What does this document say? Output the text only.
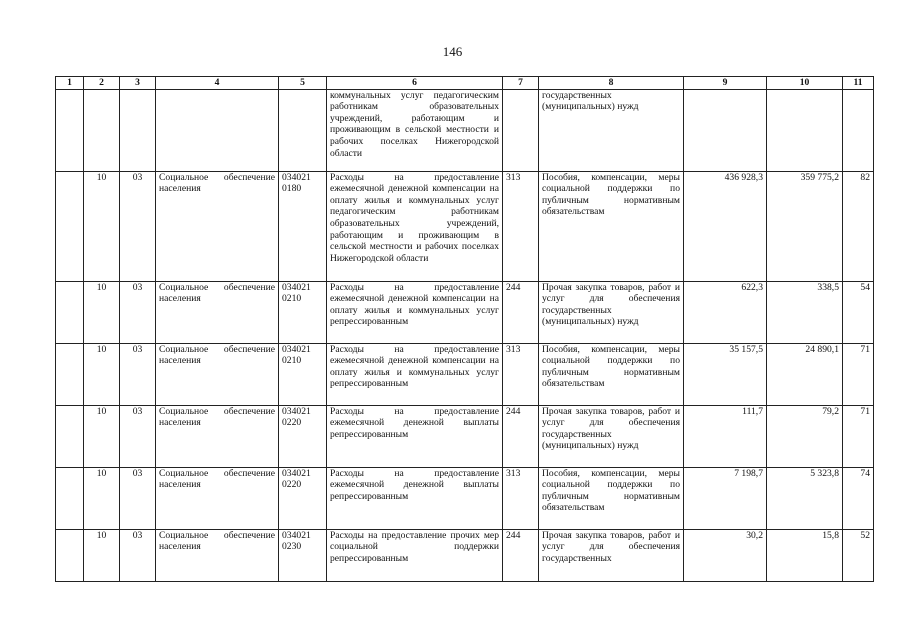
146
1	2	3	4	5	6	7	8	9	10	11
					коммунальных услуг педагогическим работникам образовательных учреждений, работающим и проживающим в сельской местности и рабочих поселках Нижегородской области		государственных (муниципальных) нужд			
	10	03	Социальное обеспечение населения	034021 0180	Расходы на предоставление ежемесячной денежной компенсации на оплату жилья и коммунальных услуг педагогическим работникам образовательных учреждений, работающим и проживающим в сельской местности и рабочих поселках Нижегородской области	313	Пособия, компенсации, меры социальной поддержки по публичным нормативным обязательствам	436 928,3	359 775,2	82
	10	03	Социальное обеспечение населения	034021 0210	Расходы на предоставление ежемесячной денежной компенсации на оплату жилья и коммунальных услуг репрессированным	244	Прочая закупка товаров, работ и услуг для обеспечения государственных (муниципальных) нужд	622,3	338,5	54
	10	03	Социальное обеспечение населения	034021 0210	Расходы на предоставление ежемесячной денежной компенсации на оплату жилья и коммунальных услуг репрессированным	313	Пособия, компенсации, меры социальной поддержки по публичным нормативным обязательствам	35 157,5	24 890,1	71
	10	03	Социальное обеспечение населения	034021 0220	Расходы на предоставление ежемесячной денежной выплаты репрессированным	244	Прочая закупка товаров, работ и услуг для обеспечения государственных (муниципальных) нужд	111,7	79,2	71
	10	03	Социальное обеспечение населения	034021 0220	Расходы на предоставление ежемесячной денежной выплаты репрессированным	313	Пособия, компенсации, меры социальной поддержки по публичным нормативным обязательствам	7 198,7	5 323,8	74
	10	03	Социальное обеспечение населения	034021 0230	Расходы на предоставление прочих мер социальной поддержки репрессированным	244	Прочая закупка товаров, работ и услуг для обеспечения государственных	30,2	15,8	52
